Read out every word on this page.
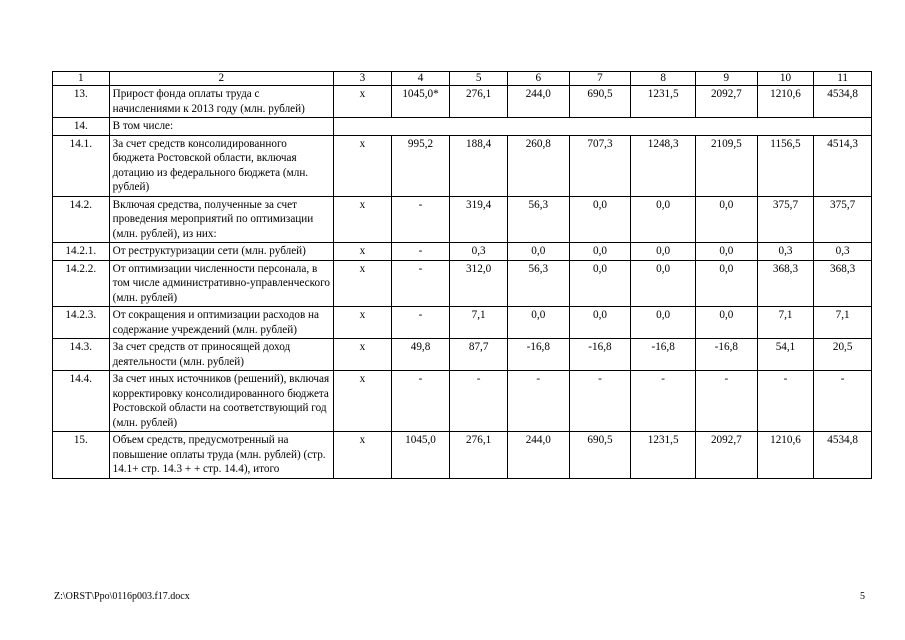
1	2	3	4	5	6	7	8	9	10	11
13.	Прирост фонда оплаты труда с начислениями к 2013 году (млн. рублей)	x	1045,0*	276,1	244,0	690,5	1231,5	2092,7	1210,6	4534,8
14.	В том числе:									
14.1.	За счет средств консолидированного бюджета Ростовской области, включая дотацию из федерального бюджета (млн. рублей)	x	995,2	188,4	260,8	707,3	1248,3	2109,5	1156,5	4514,3
14.2.	Включая средства, полученные за счет проведения мероприятий по оптимизации (млн. рублей), из них:	x	-	319,4	56,3	0,0	0,0	0,0	375,7	375,7
14.2.1.	От реструктуризации сети (млн. рублей)	x	-	0,3	0,0	0,0	0,0	0,0	0,3	0,3
14.2.2.	От оптимизации численности персонала, в том числе административно-управленческого (млн. рублей)	x	-	312,0	56,3	0,0	0,0	0,0	368,3	368,3
14.2.3.	От сокращения и оптимизации расходов на содержание учреждений (млн. рублей)	x	-	7,1	0,0	0,0	0,0	0,0	7,1	7,1
14.3.	За счет средств от приносящей доход деятельности (млн. рублей)	x	49,8	87,7	-16,8	-16,8	-16,8	-16,8	54,1	20,5
14.4.	За счет иных источников (решений), включая корректировку консолидированного бюджета Ростовской области на соответствующий год (млн. рублей)	x	-	-	-	-	-	-	-	-
15.	Объем средств, предусмотренный на повышение оплаты труда (млн. рублей) (стр. 14.1+ стр. 14.3 + + стр. 14.4), итого	x	1045,0	276,1	244,0	690,5	1231,5	2092,7	1210,6	4534,8
Z:\ORST\Ppo\0116p003.f17.docx	5
